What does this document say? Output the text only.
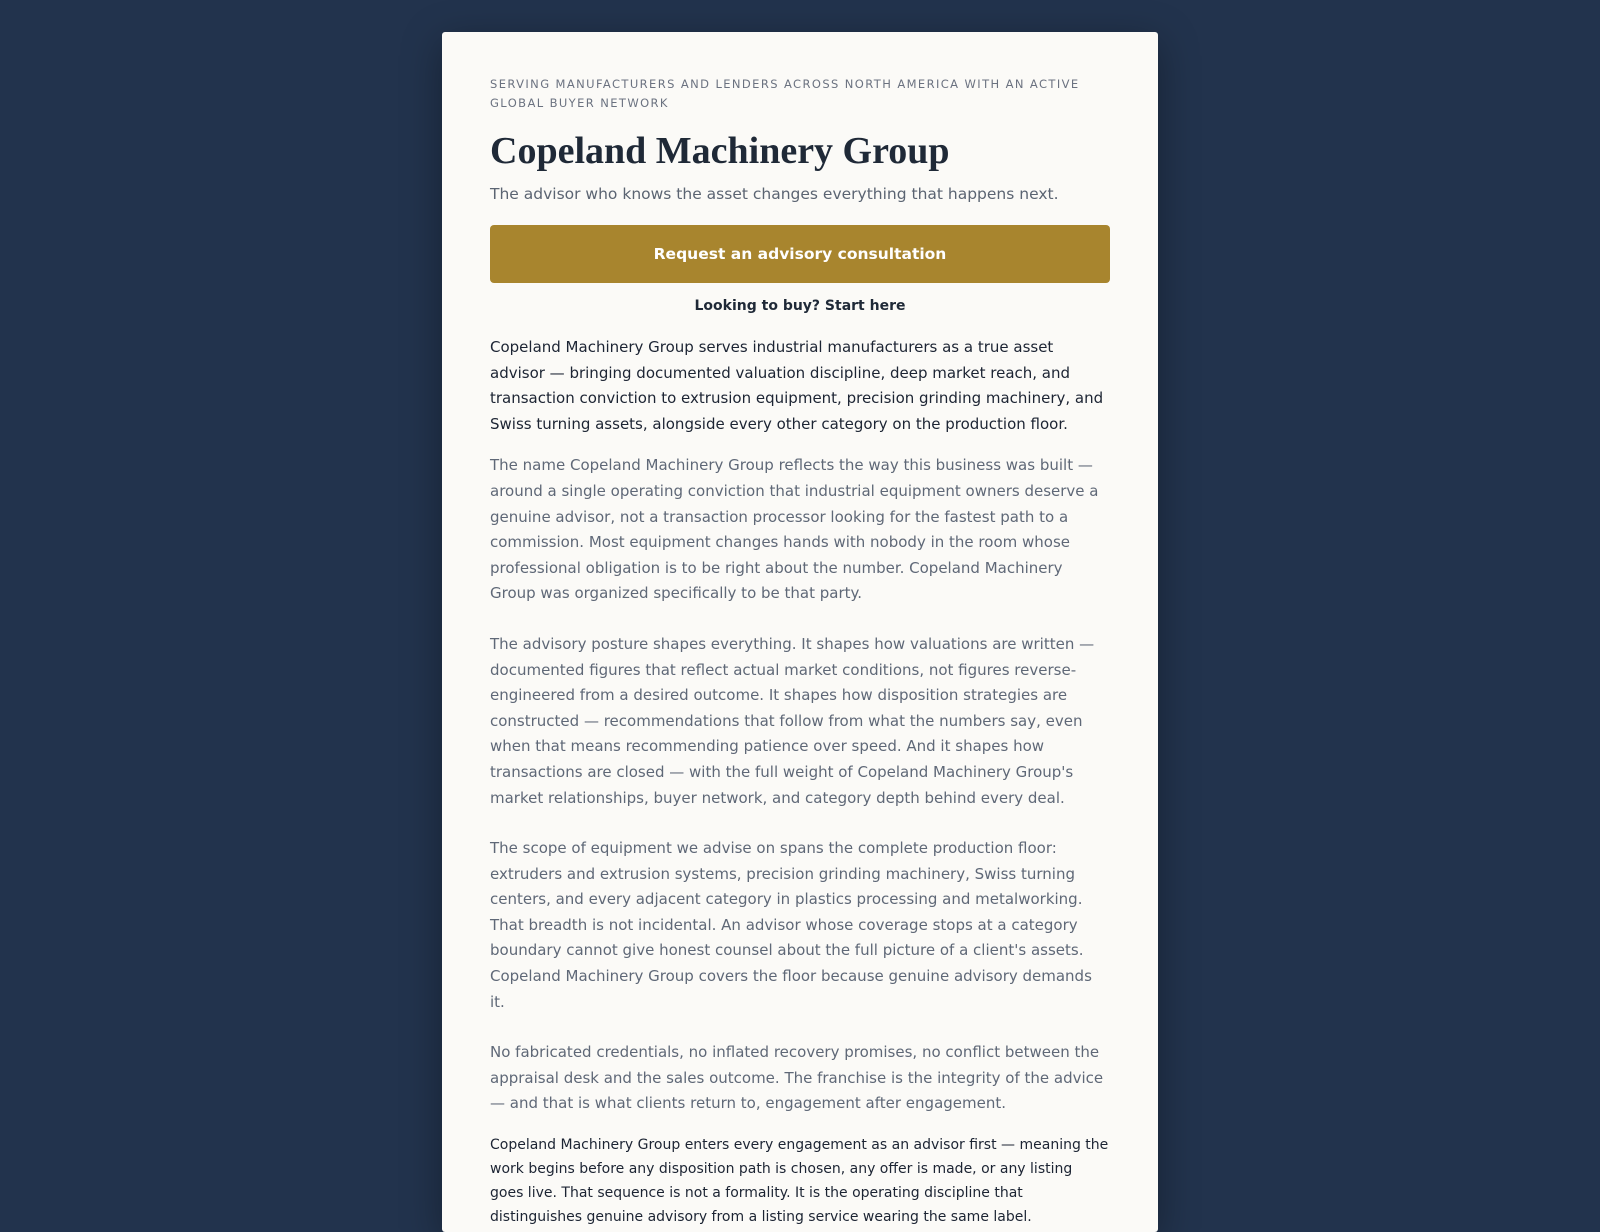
SERVING MANUFACTURERS AND LENDERS ACROSS NORTH AMERICA WITH AN ACTIVE GLOBAL BUYER NETWORK

Copeland Machinery Group

The advisor who knows the asset changes everything that happens next.

Request an advisory consultation
Looking to buy? Start here

Copeland Machinery Group serves industrial manufacturers as a true asset advisor — bringing documented valuation discipline, deep market reach, and transaction conviction to extrusion equipment, precision grinding machinery, and Swiss turning assets, alongside every other category on the production floor.

The name Copeland Machinery Group reflects the way this business was built — around a single operating conviction that industrial equipment owners deserve a genuine advisor, not a transaction processor looking for the fastest path to a commission. Most equipment changes hands with nobody in the room whose professional obligation is to be right about the number. Copeland Machinery Group was organized specifically to be that party.

The advisory posture shapes everything. It shapes how valuations are written — documented figures that reflect actual market conditions, not figures reverse-engineered from a desired outcome. It shapes how disposition strategies are constructed — recommendations that follow from what the numbers say, even when that means recommending patience over speed. And it shapes how transactions are closed — with the full weight of Copeland Machinery Group's market relationships, buyer network, and category depth behind every deal.

The scope of equipment we advise on spans the complete production floor: extruders and extrusion systems, precision grinding machinery, Swiss turning centers, and every adjacent category in plastics processing and metalworking. That breadth is not incidental. An advisor whose coverage stops at a category boundary cannot give honest counsel about the full picture of a client's assets. Copeland Machinery Group covers the floor because genuine advisory demands it.

No fabricated credentials, no inflated recovery promises, no conflict between the appraisal desk and the sales outcome. The franchise is the integrity of the advice — and that is what clients return to, engagement after engagement.

Copeland Machinery Group enters every engagement as an advisor first — meaning the work begins before any disposition path is chosen, any offer is made, or any listing goes live. That sequence is not a formality. It is the operating discipline that distinguishes genuine advisory from a listing service wearing the same label.
